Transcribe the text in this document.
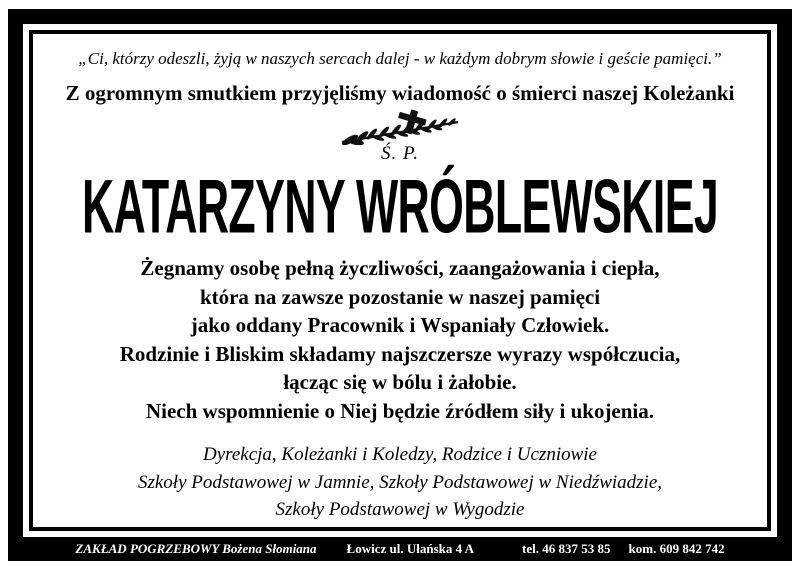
„Ci, którzy odeszli, żyją w naszych sercach dalej - w każdym dobrym słowie i geście pamięci.”
Z ogromnym smutkiem przyjęliśmy wiadomość o śmierci naszej Koleżanki
Ś. P.
KATARZYNY WRÓBLEWSKIEJ
Żegnamy osobę pełną życzliwości, zaangażowania i ciepła,
która na zawsze pozostanie w naszej pamięci
jako oddany Pracownik i Wspaniały Człowiek.
Rodzinie i Bliskim składamy najszczersze wyrazy współczucia,
łącząc się w bólu i żałobie.
Niech wspomnienie o Niej będzie źródłem siły i ukojenia.
Dyrekcja, Koleżanki i Koledzy, Rodzice i Uczniowie
Szkoły Podstawowej w Jamnie, Szkoły Podstawowej w Niedźwiadzie,
Szkoły Podstawowej w Wygodzie
ZAKŁAD POGRZEBOWY Bożena Słomiana Łowicz ul. Ułańska 4 A	tel. 46 837 53 85 kom. 609 842 742
